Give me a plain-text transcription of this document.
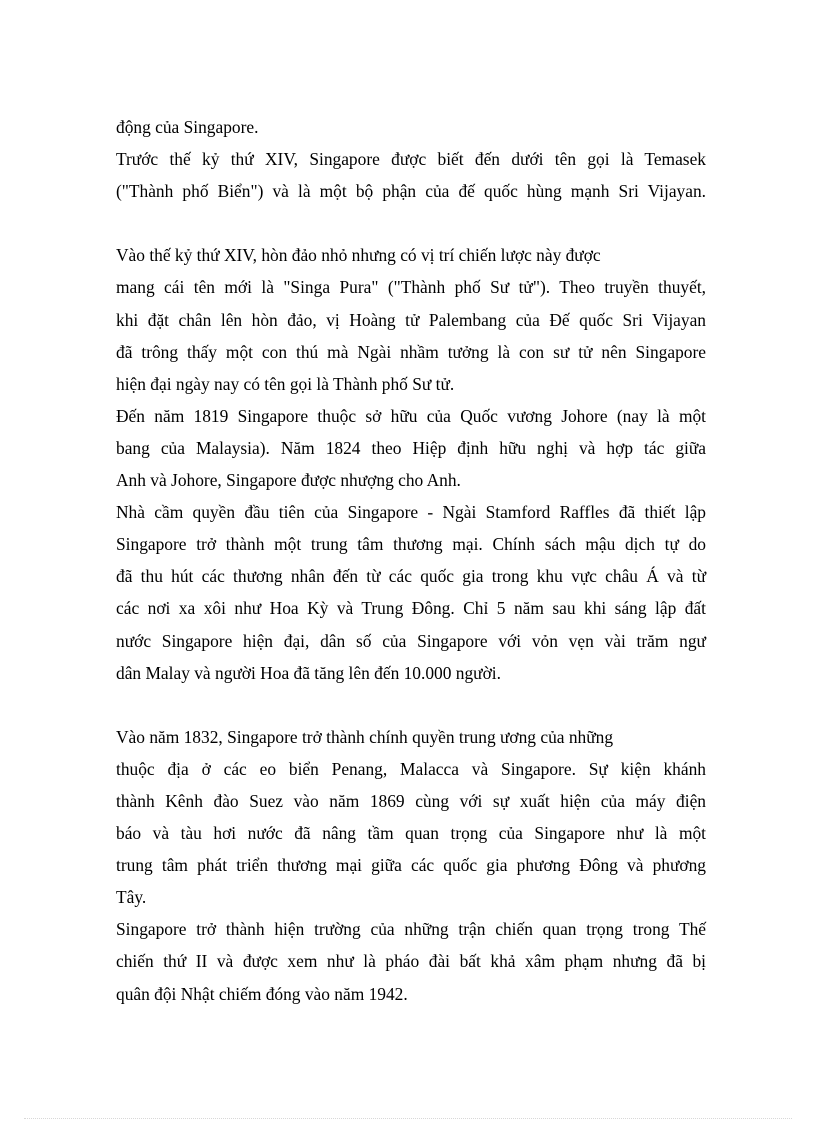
động của Singapore.
Trước thế kỷ thứ XIV, Singapore được biết đến dưới tên gọi là Temasek
("Thành phố Biển") và là một bộ phận của đế quốc hùng mạnh Sri Vijayan.
Vào thế kỷ thứ XIV, hòn đảo nhỏ nhưng có vị trí chiến lược này được
mang cái tên mới là "Singa Pura" ("Thành phố Sư tử"). Theo truyền thuyết,
khi đặt chân lên hòn đảo, vị Hoàng tử Palembang của Đế quốc Sri Vijayan
đã trông thấy một con thú mà Ngài nhầm tưởng là con sư tử nên Singapore
hiện đại ngày nay có tên gọi là Thành phố Sư tử.
Đến năm 1819 Singapore thuộc sở hữu của Quốc vương Johore (nay là một
bang của Malaysia). Năm 1824 theo Hiệp định hữu nghị và hợp tác giữa
Anh và Johore, Singapore được nhượng cho Anh.
Nhà cầm quyền đầu tiên của Singapore - Ngài Stamford Raffles đã thiết lập
Singapore trở thành một trung tâm thương mại. Chính sách mậu dịch tự do
đã thu hút các thương nhân đến từ các quốc gia trong khu vực châu Á và từ
các nơi xa xôi như Hoa Kỳ và Trung Đông. Chỉ 5 năm sau khi sáng lập đất
nước Singapore hiện đại, dân số của Singapore với vỏn vẹn vài trăm ngư
dân Malay và người Hoa đã tăng lên đến 10.000 người.
Vào năm 1832, Singapore trở thành chính quyền trung ương của những
thuộc địa ở các eo biển Penang, Malacca và Singapore. Sự kiện khánh
thành Kênh đào Suez vào năm 1869 cùng với sự xuất hiện của máy điện
báo và tàu hơi nước đã nâng tầm quan trọng của Singapore như là một
trung tâm phát triển thương mại giữa các quốc gia phương Đông và phương
Tây.
Singapore trở thành hiện trường của những trận chiến quan trọng trong Thế
chiến thứ II và được xem như là pháo đài bất khả xâm phạm nhưng đã bị
quân đội Nhật chiếm đóng vào năm 1942.
